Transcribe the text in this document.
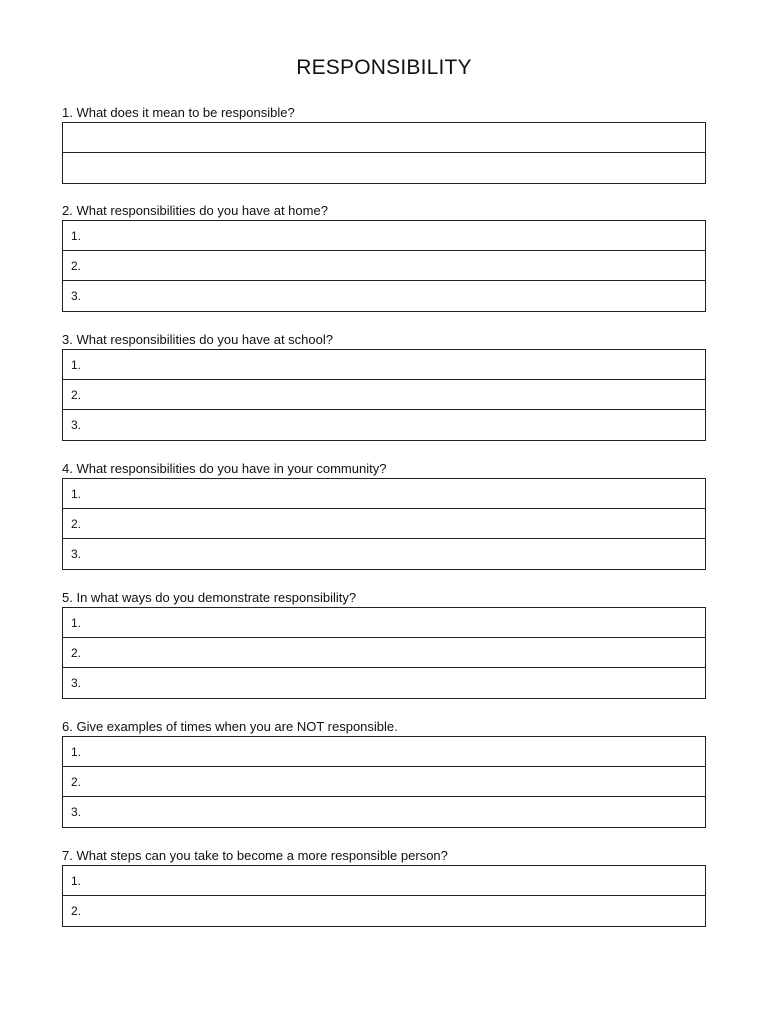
RESPONSIBILITY
1. What does it mean to be responsible?
2. What responsibilities do you have at home?
1.
2.
3.
3. What responsibilities do you have at school?
1.
2.
3.
4. What responsibilities do you have in your community?
1.
2.
3.
5. In what ways do you demonstrate responsibility?
1.
2.
3.
6. Give examples of times when you are NOT responsible.
1.
2.
3.
7. What steps can you take to become a more responsible person?
1.
2.
